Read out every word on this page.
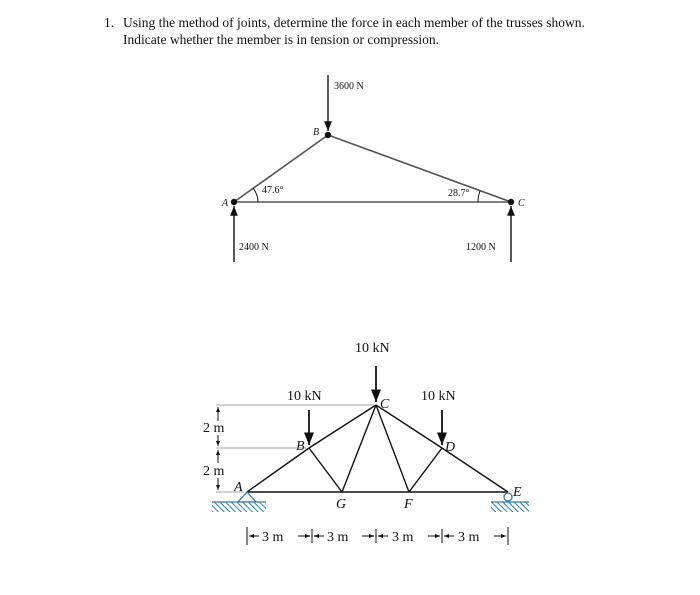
1. Using the method of joints, determine the force in each member of the trusses shown.
Indicate whether the member is in tension or compression.
A
B
C
3600 N
47.6°	28.7°
2400 N	1200 N
10 kN
10 kN	10 kN
A
B
C
D
E
F
G
2 m
2 m
3 m	3 m	3 m	3 m
